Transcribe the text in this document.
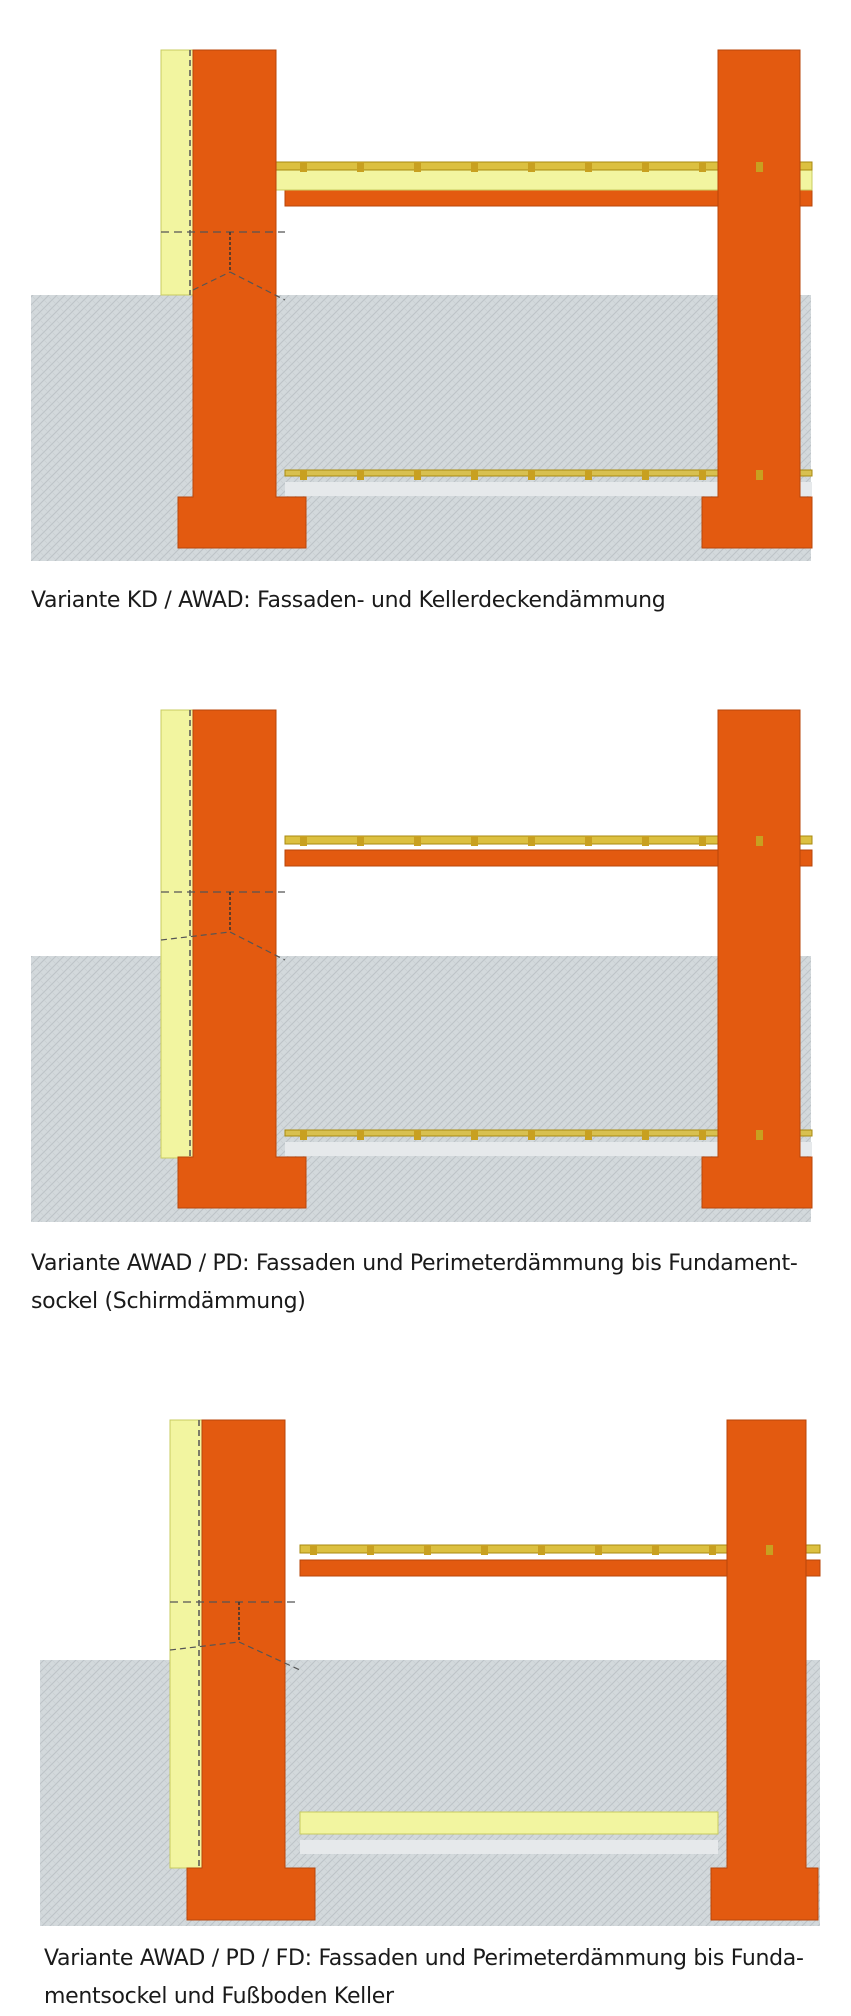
Variante KD / AWAD: Fassaden- und Kellerdeckendämmung
Variante AWAD / PD: Fassaden und Perimeterdämmung bis Fundament-
sockel (Schirmdämmung)
Variante AWAD / PD / FD: Fassaden und Perimeterdämmung bis Funda-
mentsockel und Fußboden Keller
